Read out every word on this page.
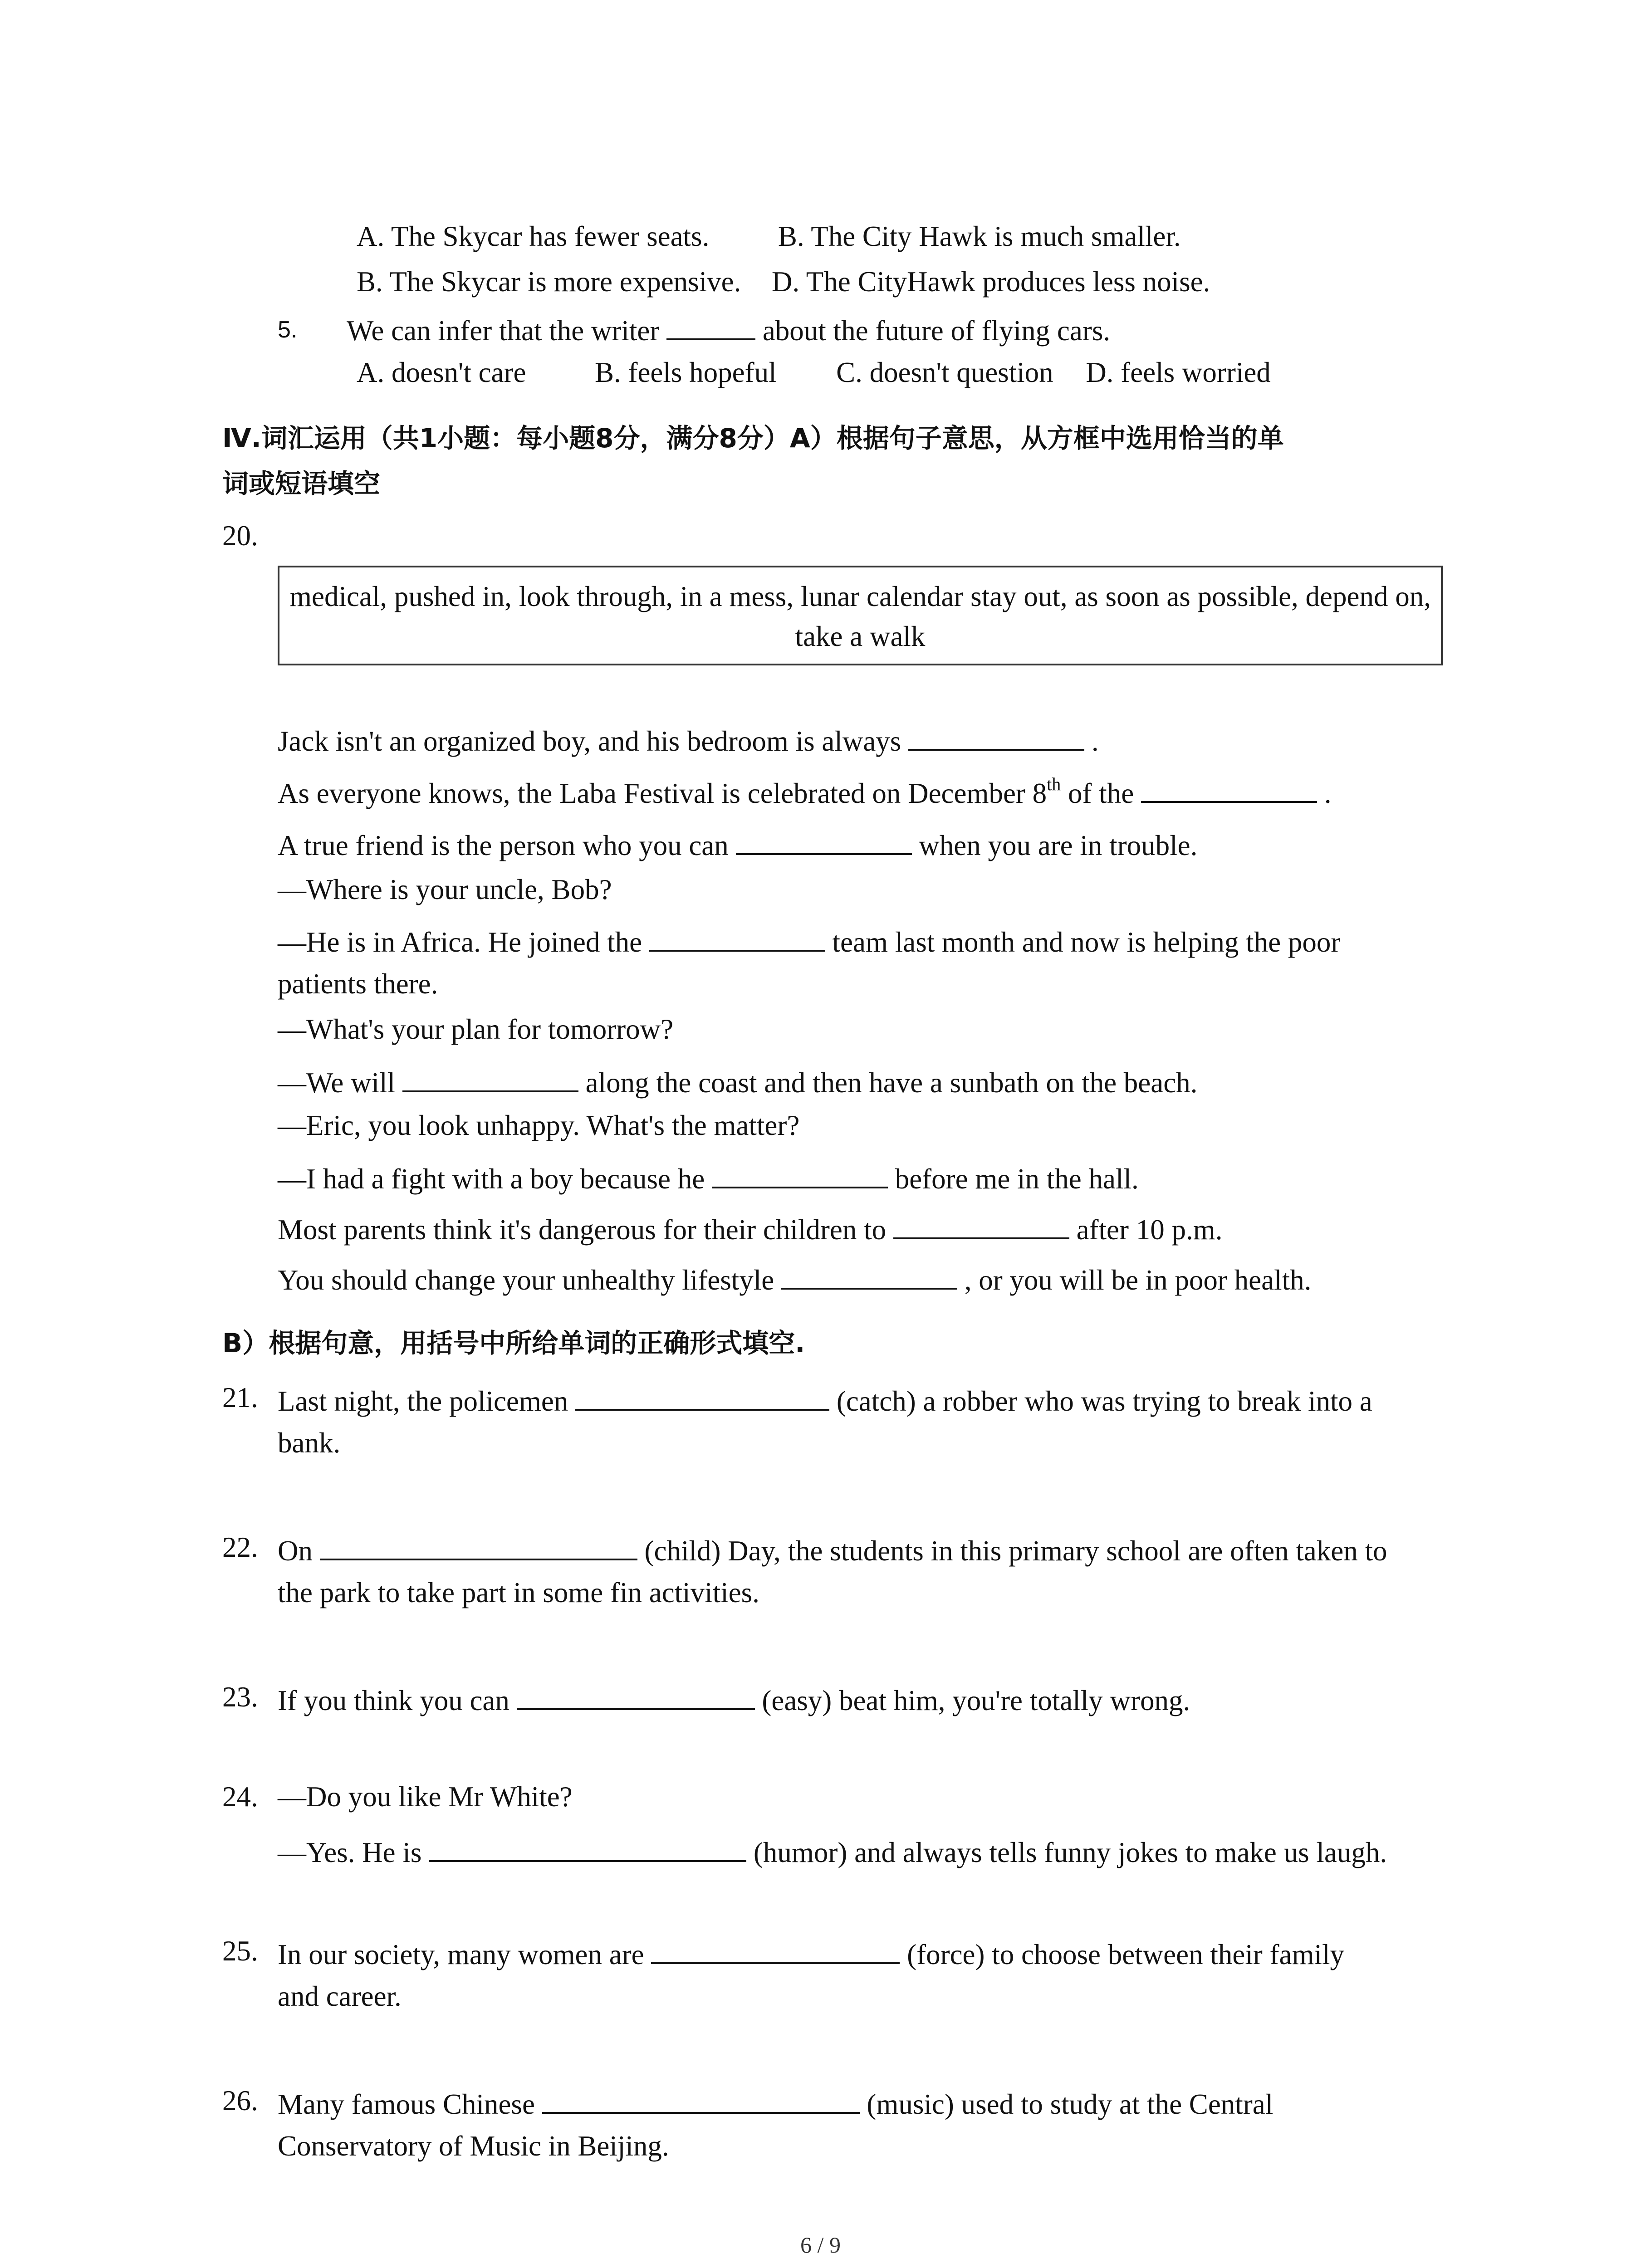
A. The Skycar has fewer seats. B. The City Hawk is much smaller.
B. The Skycar is more expensive. D. The CityHawk produces less noise.
5. We can infer that the writer	about the future of flying cars.
A. doesn't care B. feels hopeful C. doesn't question D. feels worried
Ⅳ.词汇运用（共1小题：每小题8分，满分8分）A）根据句子意思，从方框中选用恰当的单
词或短语填空
20.
medical, pushed in, look through, in a mess, lunar calendar stay out, as soon as possible, depend on, take a walk
Jack isn't an organized boy, and his bedroom is always	.
As everyone knows, the Laba Festival is celebrated on December 8th of the	.
A true friend is the person who you can	when you are in trouble.
—Where is your uncle, Bob?
—He is in Africa. He joined the	team last month and now is helping the poor
patients there.
—What's your plan for tomorrow?
—We will	along the coast and then have a sunbath on the beach.
—Eric, you look unhappy. What's the matter?
—I had a fight with a boy because he	before me in the hall.
Most parents think it's dangerous for their children to	after 10 p.m.
You should change your unhealthy lifestyle	, or you will be in poor health.
B）根据句意，用括号中所给单词的正确形式填空.
21. Last night, the policemen	(catch) a robber who was trying to break into a
bank.
22. On	(child) Day, the students in this primary school are often taken to
the park to take part in some fin activities.
23. If you think you can	(easy) beat him, you're totally wrong.
24. —Do you like Mr White?
—Yes. He is	(humor) and always tells funny jokes to make us laugh.
25. In our society, many women are	(force) to choose between their family
and career.
26. Many famous Chinese	(music) used to study at the Central
Conservatory of Music in Beijing.
6 / 9
